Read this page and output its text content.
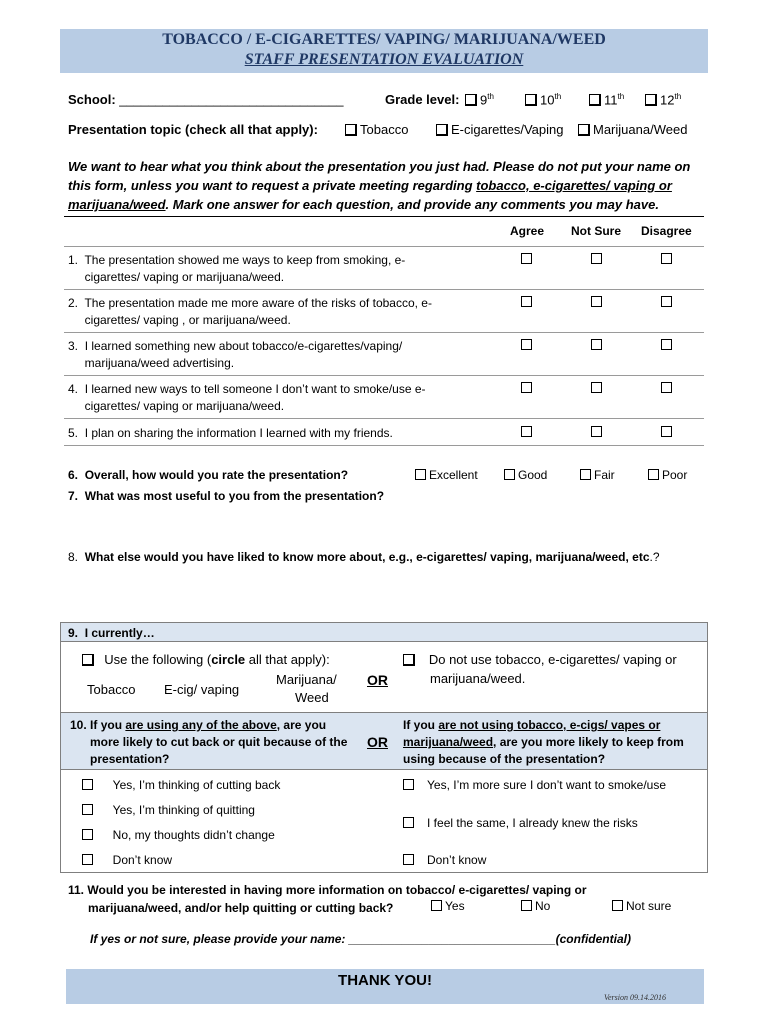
TOBACCO / E-CIGARETTES/ VAPING/ MARIJUANA/WEED
STAFF PRESENTATION EVALUATION
School: _______________________________	Grade level:	9th	10th	11th	12th
Presentation topic (check all that apply):	Tobacco	E-cigarettes/Vaping	Marijuana/Weed
We want to hear what you think about the presentation you just had. Please do not put your name on this form, unless you want to request a private meeting regarding tobacco, e-cigarettes/ vaping or marijuana/weed. Mark one answer for each question, and provide any comments you may have.
Agree Not Sure Disagree
1. The presentation showed me ways to keep from smoking, e-
cigarettes/ vaping or marijuana/weed.
2. The presentation made me more aware of the risks of tobacco, e-
cigarettes/ vaping , or marijuana/weed.
3. I learned something new about tobacco/e-cigarettes/vaping/
marijuana/weed advertising.
4. I learned new ways to tell someone I don’t want to smoke/use e-
cigarettes/ vaping or marijuana/weed.
5. I plan on sharing the information I learned with my friends.
6. Overall, how would you rate the presentation?	Excellent	Good	Fair	Poor
7. What was most useful to you from the presentation?
8. What else would you have liked to know more about, e.g., e-cigarettes/ vaping, marijuana/weed, etc.?
9. I currently…
Use the following (circle all that apply):
Tobacco E-cig/ vaping
Marijuana/
Weed
OR
Do not use tobacco, e-cigarettes/ vaping or
marijuana/weed.
10. If you are using any of the above, are you
more likely to cut back or quit because of the
presentation?
OR
If you are not using tobacco, e-cigs/ vapes or
marijuana/weed, are you more likely to keep from
using because of the presentation?
Yes, I’m thinking of cutting back
Yes, I’m thinking of quitting
No, my thoughts didn’t change
Don’t know
Yes, I’m more sure I don’t want to smoke/use
I feel the same, I already knew the risks
Don’t know
11. Would you be interested in having more information on tobacco/ e-cigarettes/ vaping or
marijuana/weed, and/or help quitting or cutting back?	Yes	No	Not sure
If yes or not sure, please provide your name: _______________________________(confidential)
THANK YOU!
Version 09.14.2016
